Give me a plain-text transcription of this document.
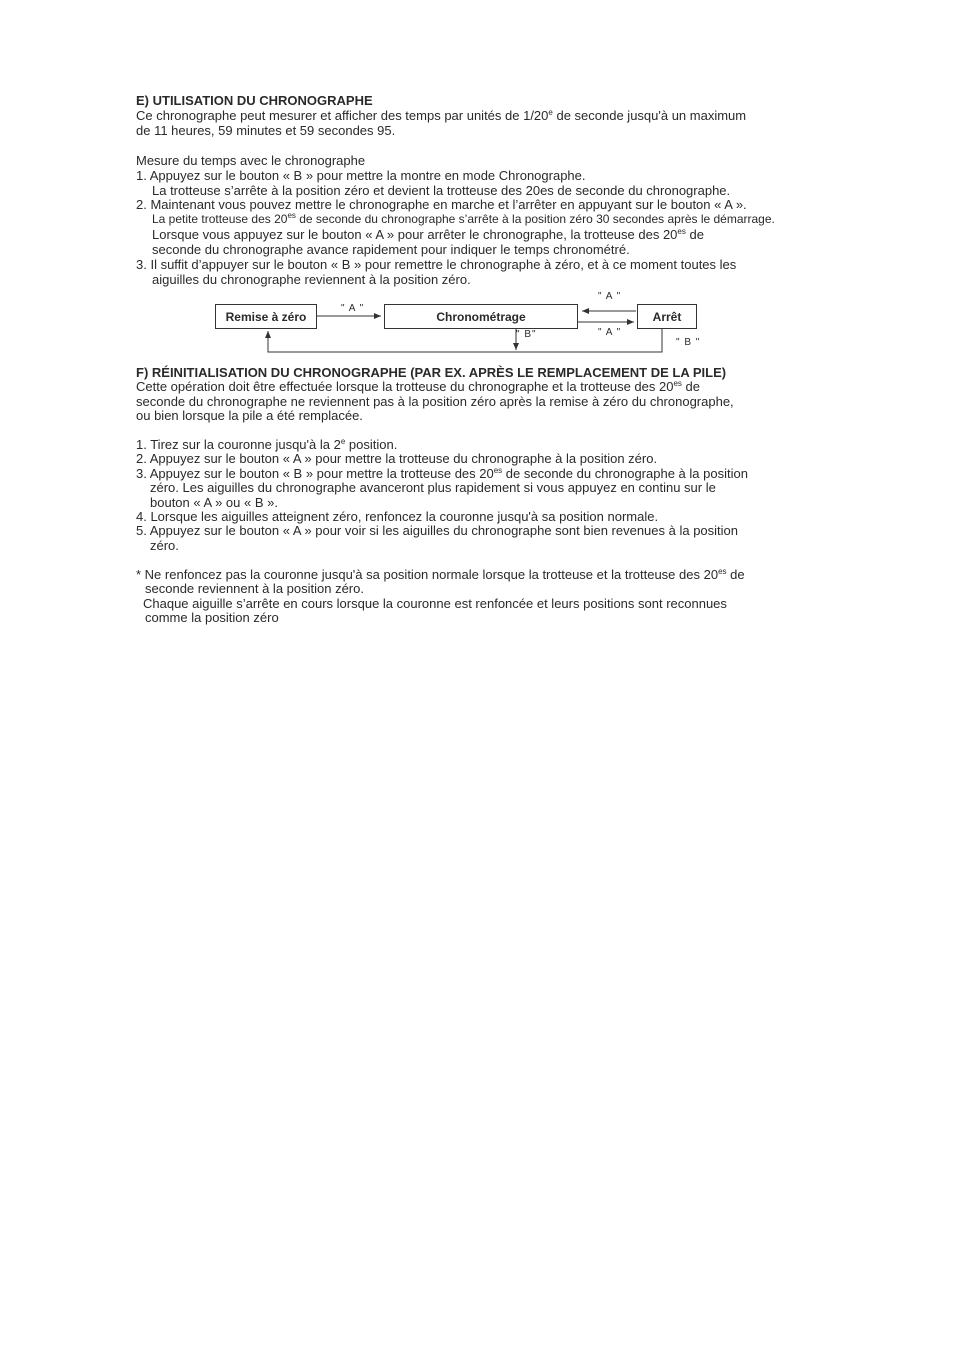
E) UTILISATION DU CHRONOGRAPHE
Ce chronographe peut mesurer et afficher des temps par unités de 1/20e de seconde jusqu'à un maximum
de 11 heures, 59 minutes et 59 secondes 95.
Mesure du temps avec le chronographe
1. Appuyez sur le bouton « B » pour mettre la montre en mode Chronographe.
La trotteuse s’arrête à la position zéro et devient la trotteuse des 20es de seconde du chronographe.
2. Maintenant vous pouvez mettre le chronographe en marche et l’arrêter en appuyant sur le bouton « A ».
La petite trotteuse des $20^{es}$ de seconde du chronographe s’arrête à la position zéro 30 secondes après le démarrage.
Lorsque vous appuyez sur le bouton « A » pour arrêter le chronographe, la trotteuse des $20^{es}$ de
seconde du chronographe avance rapidement pour indiquer le temps chronométré.
3. Il suffit d’appuyer sur le bouton « B » pour remettre le chronographe à zéro, et à ce moment toutes les
aiguilles du chronographe reviennent à la position zéro.
Remise à zéro	Chronométrage	Arrêt
" A "
" A "
" A "
" B"
" B "
F) RÉINITIALISATION DU CHRONOGRAPHE (PAR EX. APRÈS LE REMPLACEMENT DE LA PILE)
Cette opération doit être effectuée lorsque la trotteuse du chronographe et la trotteuse des $20^{es}$ de
seconde du chronographe ne reviennent pas à la position zéro après la remise à zéro du chronographe,
ou bien lorsque la pile a été remplacée.
1. Tirez sur la couronne jusqu'à la 2e position.
2. Appuyez sur le bouton « A » pour mettre la trotteuse du chronographe à la position zéro.
3. Appuyez sur le bouton « B » pour mettre la trotteuse des $20^{es}$ de seconde du chronographe à la position
zéro. Les aiguilles du chronographe avanceront plus rapidement si vous appuyez en continu sur le
bouton « A » ou « B ».
4. Lorsque les aiguilles atteignent zéro, renfoncez la couronne jusqu'à sa position normale.
5. Appuyez sur le bouton « A » pour voir si les aiguilles du chronographe sont bien revenues à la position
zéro.
* Ne renfoncez pas la couronne jusqu'à sa position normale lorsque la trotteuse et la trotteuse des $20^{es}$ de
seconde reviennent à la position zéro.
Chaque aiguille s’arrête en cours lorsque la couronne est renfoncée et leurs positions sont reconnues
comme la position zéro
